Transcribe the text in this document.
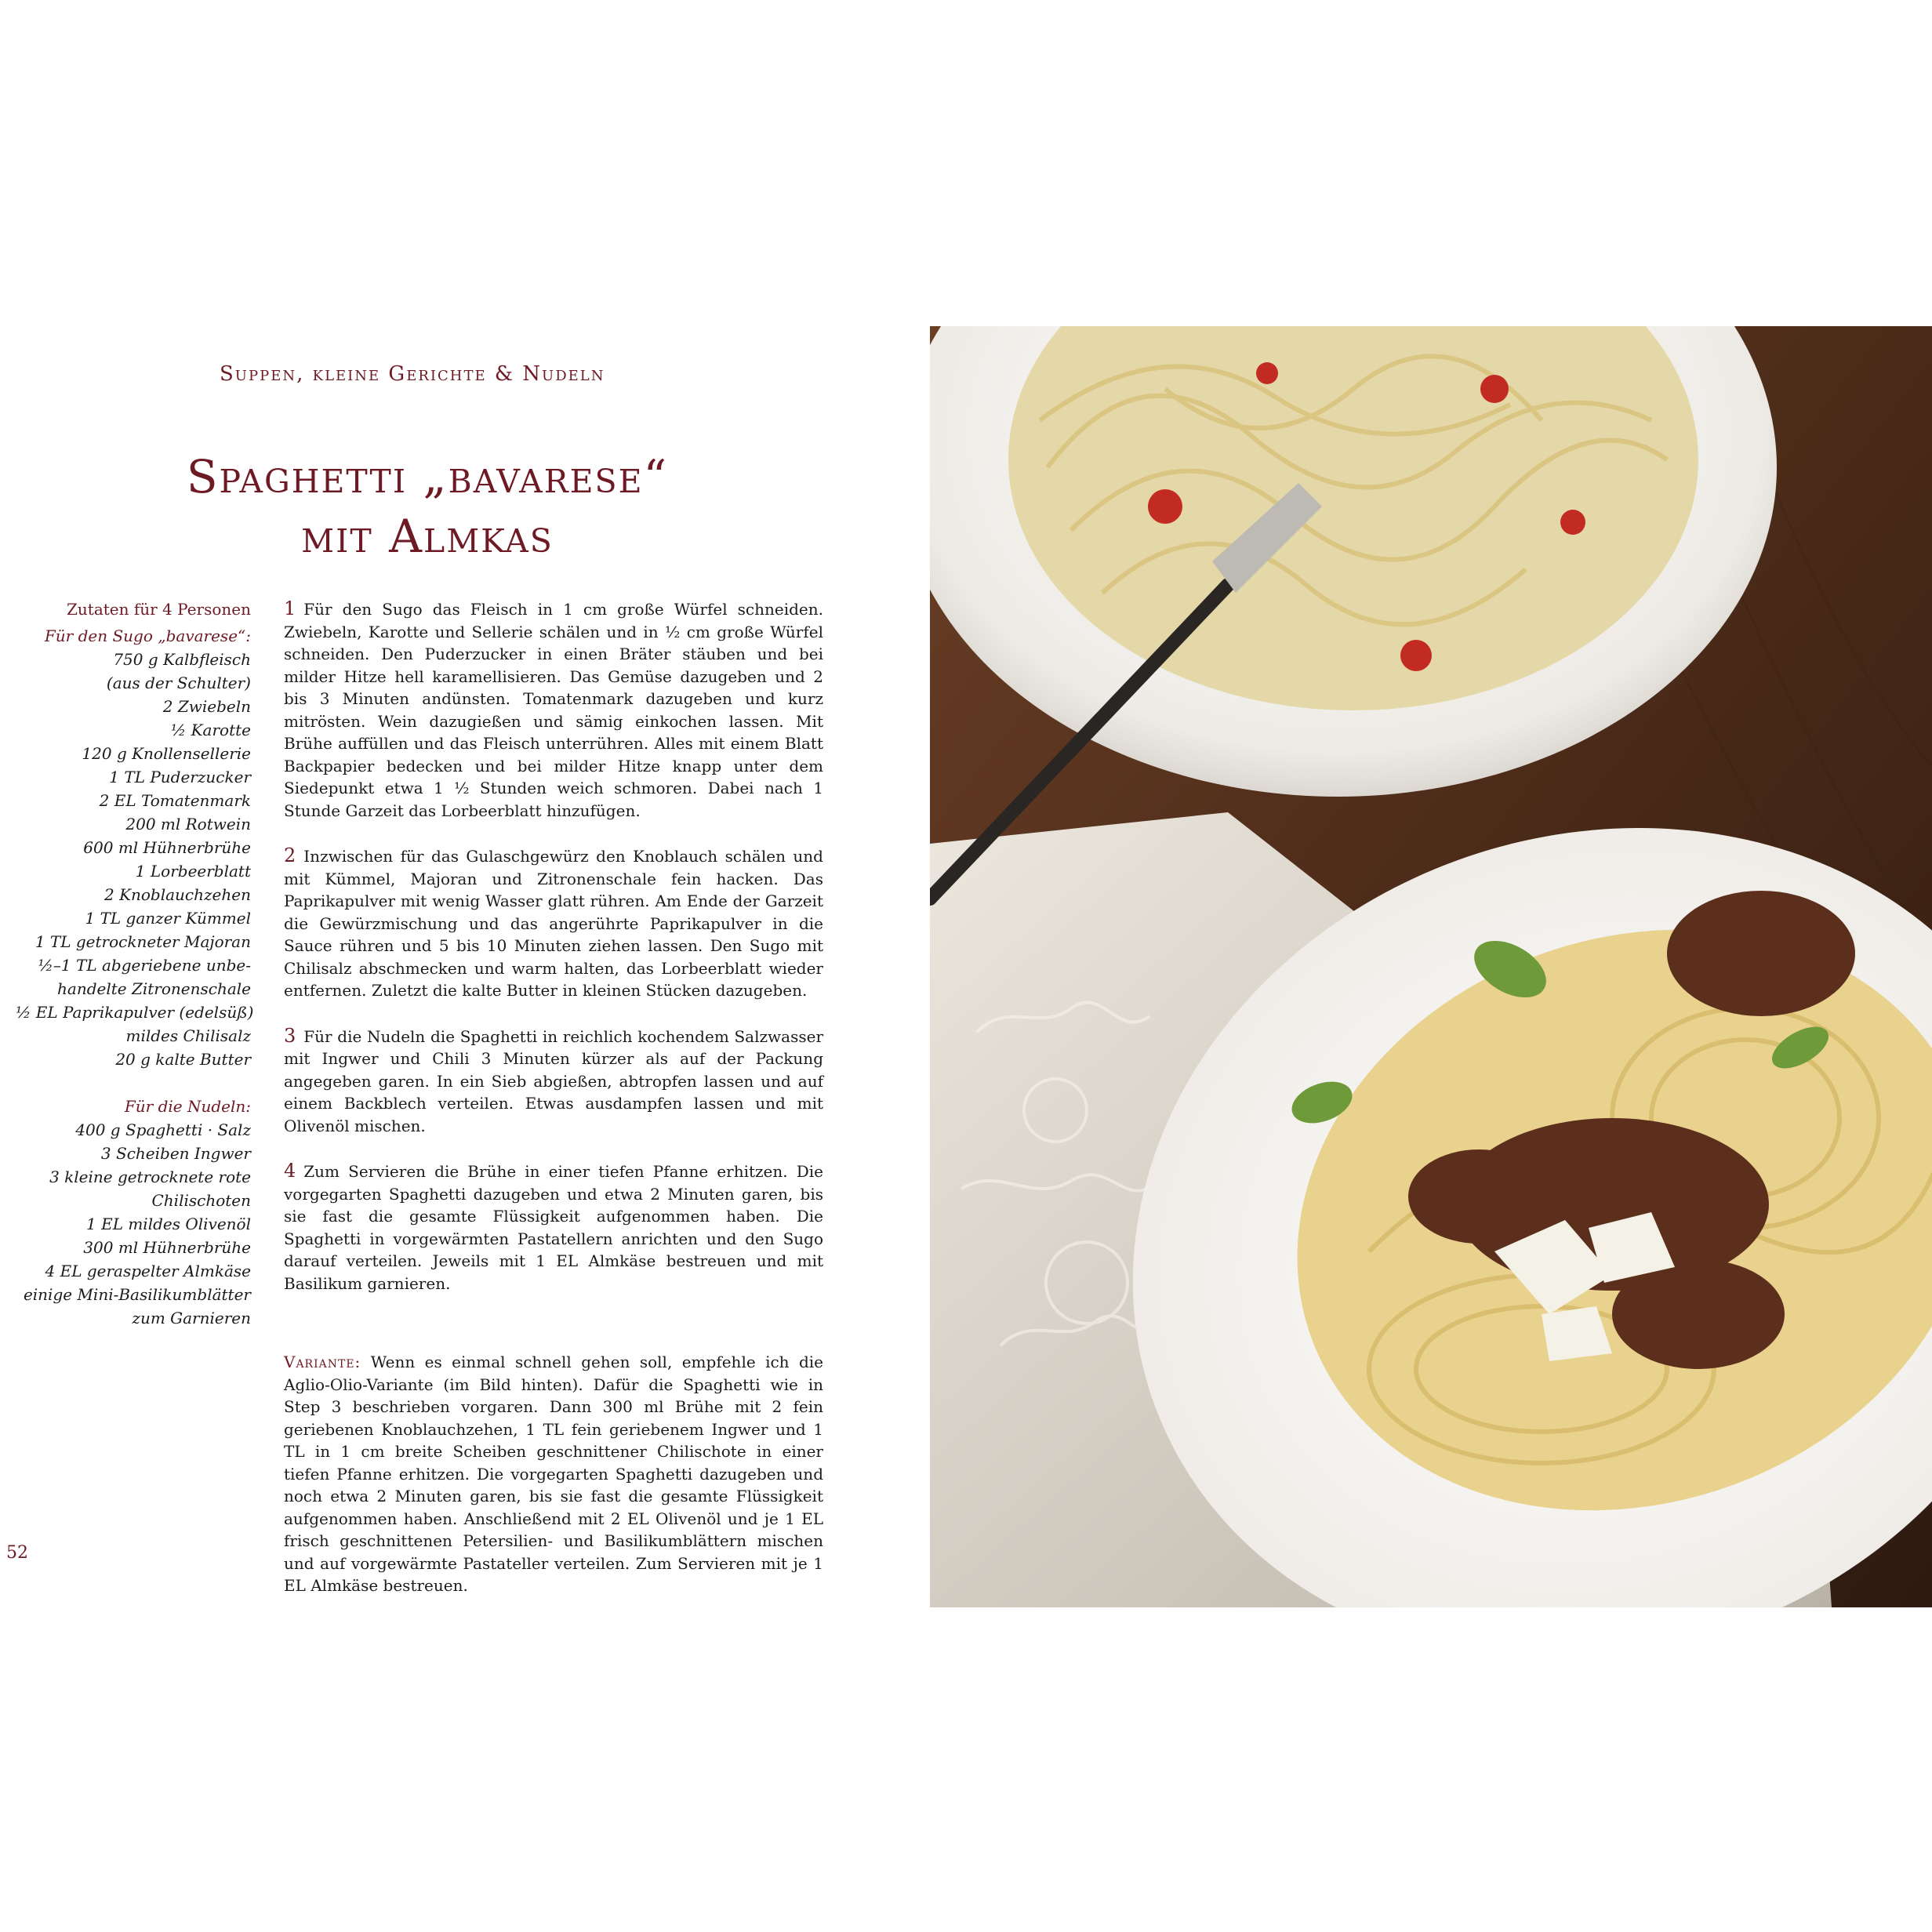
Suppen, kleine Gerichte & Nudeln
Spaghetti „bavarese“
mit Almkas
Zutaten für 4 Personen
Für den Sugo „bavarese“:
750 g Kalbfleisch
(aus der Schulter)
2 Zwiebeln
½ Karotte
120 g Knollensellerie
1 TL Puderzucker
2 EL Tomatenmark
200 ml Rotwein
600 ml Hühnerbrühe
1 Lorbeerblatt
2 Knoblauchzehen
1 TL ganzer Kümmel
1 TL getrockneter Majoran
½–1 TL abgeriebene unbe-
handelte Zitronenschale
½ EL Paprikapulver (edelsüß)
mildes Chilisalz
20 g kalte Butter
Für die Nudeln:
400 g Spaghetti · Salz
3 Scheiben Ingwer
3 kleine getrocknete rote
Chilischoten
1 EL mildes Olivenöl
300 ml Hühnerbrühe
4 EL geraspelter Almkäse
einige Mini-Basilikumblätter
zum Garnieren

1 Für den Sugo das Fleisch in 1 cm große Würfel schneiden. Zwiebeln, Karotte und Sellerie schälen und in ½ cm große Würfel schneiden. Den Puderzucker in einen Bräter stäuben und bei milder Hitze hell karamellisieren. Das Gemüse dazugeben und 2 bis 3 Minuten andünsten. Tomatenmark dazugeben und kurz mitrösten. Wein dazugießen und sämig einkochen lassen. Mit Brühe auffüllen und das Fleisch unterrühren. Alles mit einem Blatt Backpapier bedecken und bei milder Hitze knapp unter dem Siedepunkt etwa 1 ½ Stunden weich schmoren. Dabei nach 1 Stunde Garzeit das Lorbeerblatt hinzufügen.

2 Inzwischen für das Gulaschgewürz den Knoblauch schälen und mit Kümmel, Majoran und Zitronenschale fein hacken. Das Paprikapulver mit wenig Wasser glatt rühren. Am Ende der Garzeit die Gewürzmischung und das angerührte Paprikapulver in die Sauce rühren und 5 bis 10 Minuten ziehen lassen. Den Sugo mit Chilisalz abschmecken und warm halten, das Lorbeerblatt wieder entfernen. Zuletzt die kalte Butter in kleinen Stücken dazugeben.

3 Für die Nudeln die Spaghetti in reichlich kochendem Salzwasser mit Ingwer und Chili 3 Minuten kürzer als auf der Packung angegeben garen. In ein Sieb abgießen, abtropfen lassen und auf einem Backblech verteilen. Etwas ausdampfen lassen und mit Olivenöl mischen.

4 Zum Servieren die Brühe in einer tiefen Pfanne erhitzen. Die vorgegarten Spaghetti dazugeben und etwa 2 Minuten garen, bis sie fast die gesamte Flüssigkeit aufgenommen haben. Die Spaghetti in vorgewärmten Pastatellern anrichten und den Sugo darauf verteilen. Jeweils mit 1 EL Almkäse bestreuen und mit Basilikum garnieren.

Variante: Wenn es einmal schnell gehen soll, empfehle ich die Aglio-Olio-Variante (im Bild hinten). Dafür die Spaghetti wie in Step 3 beschrieben vorgaren. Dann 300 ml Brühe mit 2 fein geriebenen Knoblauchzehen, 1 TL fein geriebenem Ingwer und 1 TL in 1 cm breite Scheiben geschnittener Chilischote in einer tiefen Pfanne erhitzen. Die vorgegarten Spaghetti dazugeben und noch etwa 2 Minuten garen, bis sie fast die gesamte Flüssigkeit aufgenommen haben. Anschließend mit 2 EL Olivenöl und je 1 EL frisch geschnittenen Petersilien- und Basilikumblättern mischen und auf vorgewärmte Pastateller verteilen. Zum Servieren mit je 1 EL Almkäse bestreuen.

52
